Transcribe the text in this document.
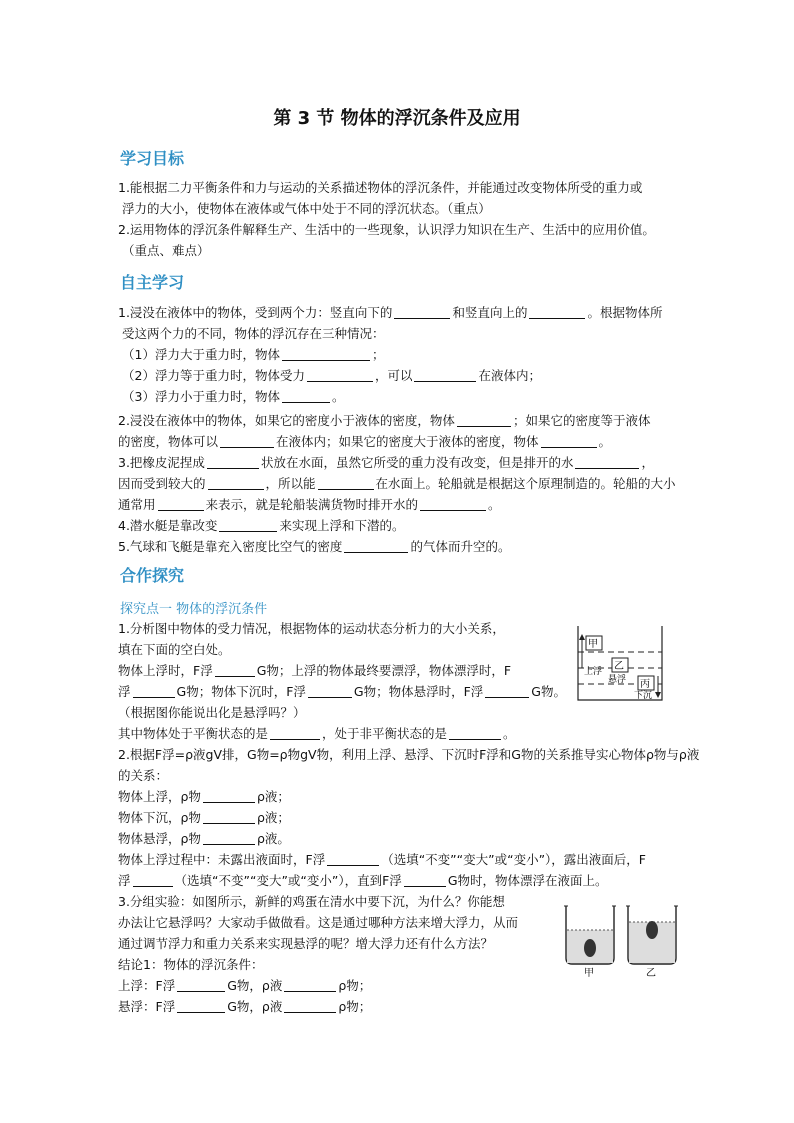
第 3 节 物体的浮沉条件及应用
学习目标
1.能根据二力平衡条件和力与运动的关系描述物体的浮沉条件，并能通过改变物体所受的重力或
浮力的大小，使物体在液体或气体中处于不同的浮沉状态。（重点）
2.运用物体的浮沉条件解释生产、生活中的一些现象，认识浮力知识在生产、生活中的应用价值。
（重点、难点）
自主学习
1.浸没在液体中的物体，受到两个力：竖直向下的	和竖直向上的	。根据物体所
受这两个力的不同，物体的浮沉存在三种情况：
（1）浮力大于重力时，物体	；
（2）浮力等于重力时，物体受力	，可以	在液体内；
（3）浮力小于重力时，物体	。
2.浸没在液体中的物体，如果它的密度小于液体的密度，物体	；如果它的密度等于液体
的密度，物体可以	在液体内；如果它的密度大于液体的密度，物体	。
3.把橡皮泥捏成	状放在水面，虽然它所受的重力没有改变，但是排开的水	，
因而受到较大的	，所以能	在水面上。轮船就是根据这个原理制造的。轮船的大小
通常用	来表示，就是轮船装满货物时排开水的	。
4.潜水艇是靠改变	来实现上浮和下潜的。
5.气球和飞艇是靠充入密度比空气的密度	的气体而升空的。
合作探究
探究点一 物体的浮沉条件
1.分析图中物体的受力情况，根据物体的运动状态分析力的大小关系，
填在下面的空白处。
物体上浮时，F浮	G物；上浮的物体最终要漂浮，物体漂浮时，F
浮	G物；物体下沉时，F浮	G物；物体悬浮时，F浮	G物。
（根据图你能说出化是悬浮吗？）
其中物体处于平衡状态的是	，处于非平衡状态的是	。
2.根据F浮=ρ液gV排，G物=ρ物gV物，利用上浮、悬浮、下沉时F浮和G物的关系推导实心物体ρ物与ρ液
的关系：
物体上浮，ρ物	ρ液；
物体下沉，ρ物	ρ液；
物体悬浮，ρ物	ρ液。
物体上浮过程中：未露出液面时，F浮	（选填“不变”“变大”或“变小”），露出液面后，F
浮	（选填“不变”“变大”或“变小”），直到F浮	G物时，物体漂浮在液面上。
3.分组实验：如图所示，新鲜的鸡蛋在清水中要下沉，为什么？你能想
办法让它悬浮吗？大家动手做做看。这是通过哪种方法来增大浮力，从而
通过调节浮力和重力关系来实现悬浮的呢？增大浮力还有什么方法？
结论1：物体的浮沉条件：
上浮：F浮	G物，ρ液	ρ物；
悬浮：F浮	G物，ρ液	ρ物；
甲
乙
丙
上浮
悬浮
下沉
甲	乙
